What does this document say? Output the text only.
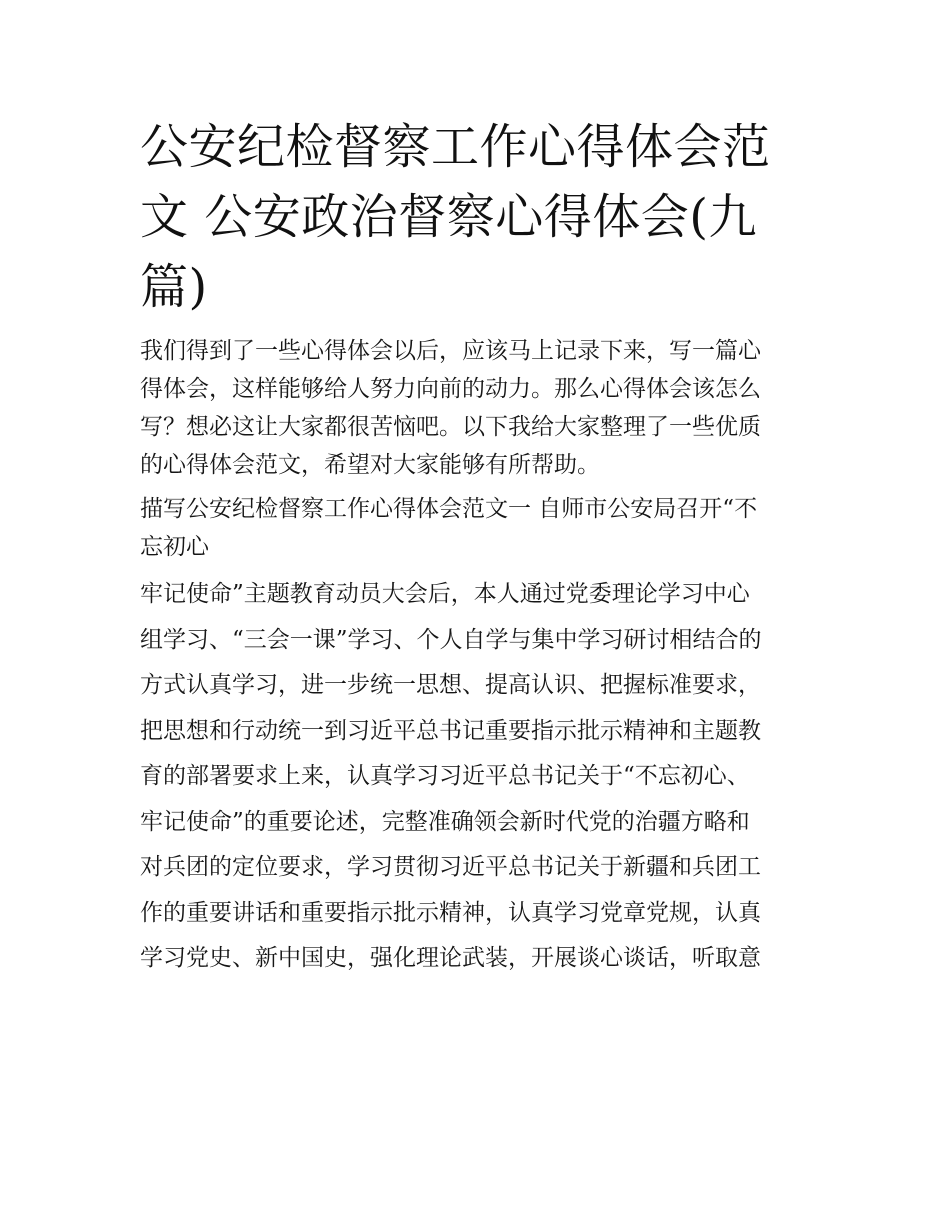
公安纪检督察工作心得体会范
文 公安政治督察心得体会(九
篇)
我们得到了一些心得体会以后，应该马上记录下来，写一篇心
得体会，这样能够给人努力向前的动力。那么心得体会该怎么
写？想必这让大家都很苦恼吧。以下我给大家整理了一些优质
的心得体会范文，希望对大家能够有所帮助。
描写公安纪检督察工作心得体会范文一 自师市公安局召开“不
忘初心
牢记使命”主题教育动员大会后，本人通过党委理论学习中心
组学习、“三会一课”学习、个人自学与集中学习研讨相结合的
方式认真学习，进一步统一思想、提高认识、把握标准要求，
把思想和行动统一到习近平总书记重要指示批示精神和主题教
育的部署要求上来，认真学习习近平总书记关于“不忘初心、
牢记使命”的重要论述，完整准确领会新时代党的治疆方略和
对兵团的定位要求，学习贯彻习近平总书记关于新疆和兵团工
作的重要讲话和重要指示批示精神，认真学习党章党规，认真
学习党史、新中国史，强化理论武装，开展谈心谈话，听取意
